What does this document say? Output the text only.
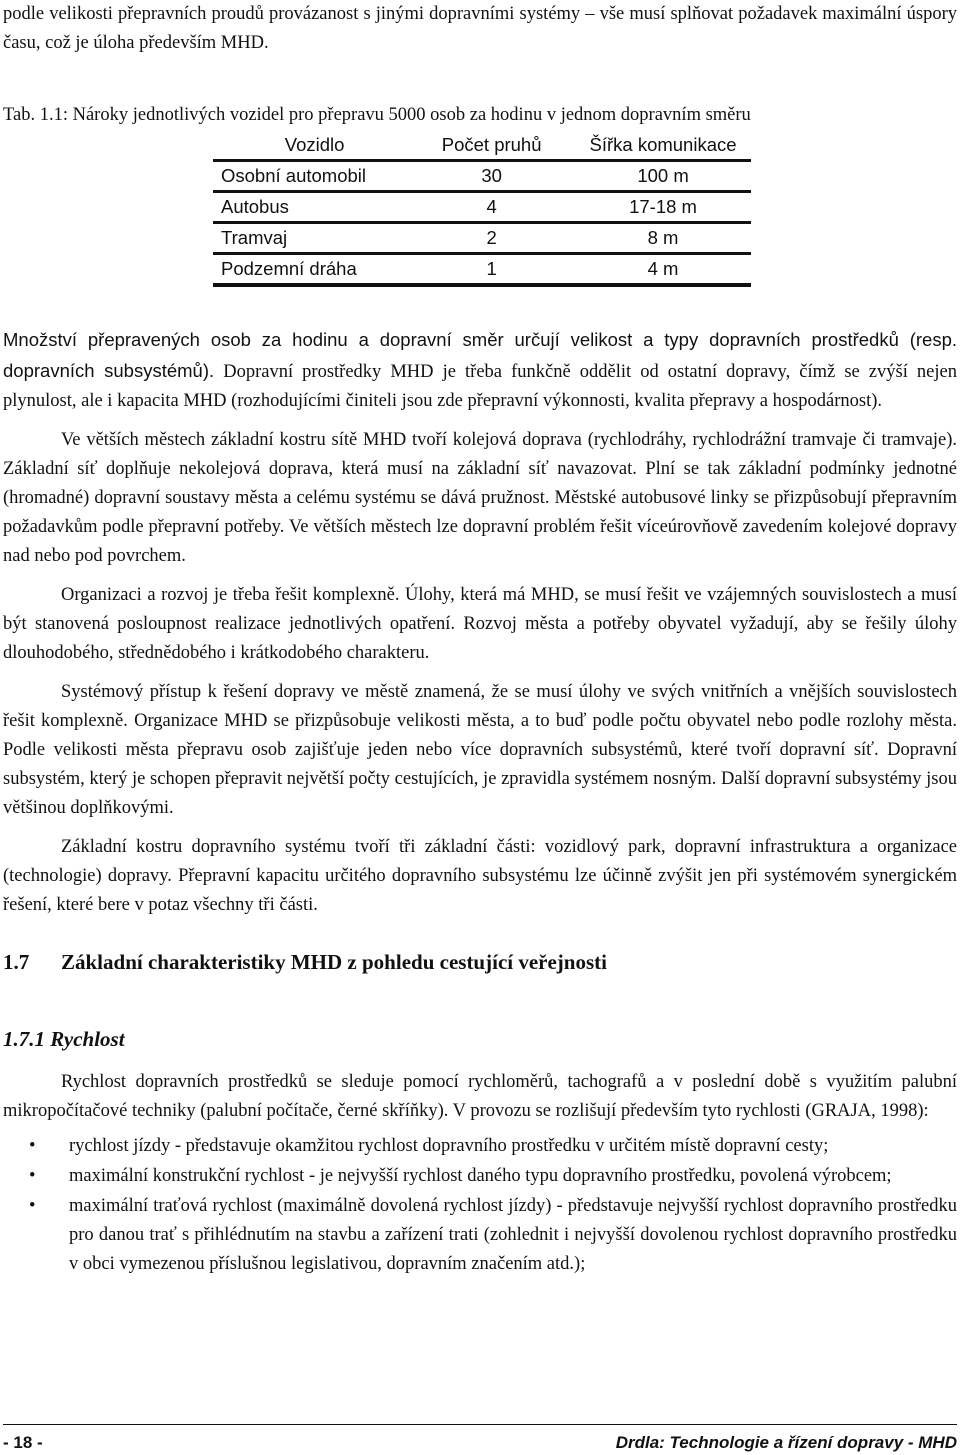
podle velikosti přepravních proudů provázanost s jinými dopravními systémy – vše musí splňovat požadavek maximální úspory času, což je úloha především MHD.

Tab. 1.1: Nároky jednotlivých vozidel pro přepravu 5000 osob za hodinu v jednom dopravním směru

Vozidlo	Počet pruhů	Šířka komunikace
Osobní automobil	30	100 m
Autobus	4	17-18 m
Tramvaj	2	8 m
Podzemní dráha	1	4 m

Množství přepravených osob za hodinu a dopravní směr určují velikost a typy dopravních prostředků (resp. dopravních subsystémů). Dopravní prostředky MHD je třeba funkčně oddělit od ostatní dopravy, čímž se zvýší nejen plynulost, ale i kapacita MHD (rozhodujícími činiteli jsou zde přepravní výkonnosti, kvalita přepravy a hospodárnost).

Ve větších městech základní kostru sítě MHD tvoří kolejová doprava (rychlodráhy, rychlodrážní tramvaje či tramvaje). Základní síť doplňuje nekolejová doprava, která musí na základní síť navazovat. Plní se tak základní podmínky jednotné (hromadné) dopravní soustavy města a celému systému se dává pružnost. Městské autobusové linky se přizpůsobují přepravním požadavkům podle přepravní potřeby. Ve větších městech lze dopravní problém řešit víceúrovňově zavedením kolejové dopravy nad nebo pod povrchem.

Organizaci a rozvoj je třeba řešit komplexně. Úlohy, která má MHD, se musí řešit ve vzájemných souvislostech a musí být stanovená posloupnost realizace jednotlivých opatření. Rozvoj města a potřeby obyvatel vyžadují, aby se řešily úlohy dlouhodobého, střednědobého i krátkodobého charakteru.

Systémový přístup k řešení dopravy ve městě znamená, že se musí úlohy ve svých vnitřních a vnějších souvislostech řešit komplexně. Organizace MHD se přizpůsobuje velikosti města, a to buď podle počtu obyvatel nebo podle rozlohy města. Podle velikosti města přepravu osob zajišťuje jeden nebo více dopravních subsystémů, které tvoří dopravní síť. Dopravní subsystém, který je schopen přepravit největší počty cestujících, je zpravidla systémem nosným. Další dopravní subsystémy jsou většinou doplňkovými.

Základní kostru dopravního systému tvoří tři základní části: vozidlový park, dopravní infrastruktura a organizace (technologie) dopravy. Přepravní kapacitu určitého dopravního subsystému lze účinně zvýšit jen při systémovém synergickém řešení, které bere v potaz všechny tři části.

1.7 Základní charakteristiky MHD z pohledu cestující veřejnosti
1.7.1 Rychlost

Rychlost dopravních prostředků se sleduje pomocí rychloměrů, tachografů a v poslední době s využitím palubní mikropočítačové techniky (palubní počítače, černé skříňky). V provozu se rozlišují především tyto rychlosti (GRAJA, 1998):

• rychlost jízdy - představuje okamžitou rychlost dopravního prostředku v určitém místě dopravní cesty;
• maximální konstrukční rychlost - je nejvyšší rychlost daného typu dopravního prostředku, povolená výrobcem;
• maximální traťová rychlost (maximálně dovolená rychlost jízdy) - představuje nejvyšší rychlost dopravního prostředku pro danou trať s přihlédnutím na stavbu a zařízení trati (zohlednit i nejvyšší dovolenou rychlost dopravního prostředku v obci vymezenou příslušnou legislativou, dopravním značením atd.);
- 18 -	Drdla: Technologie a řízení dopravy - MHD
